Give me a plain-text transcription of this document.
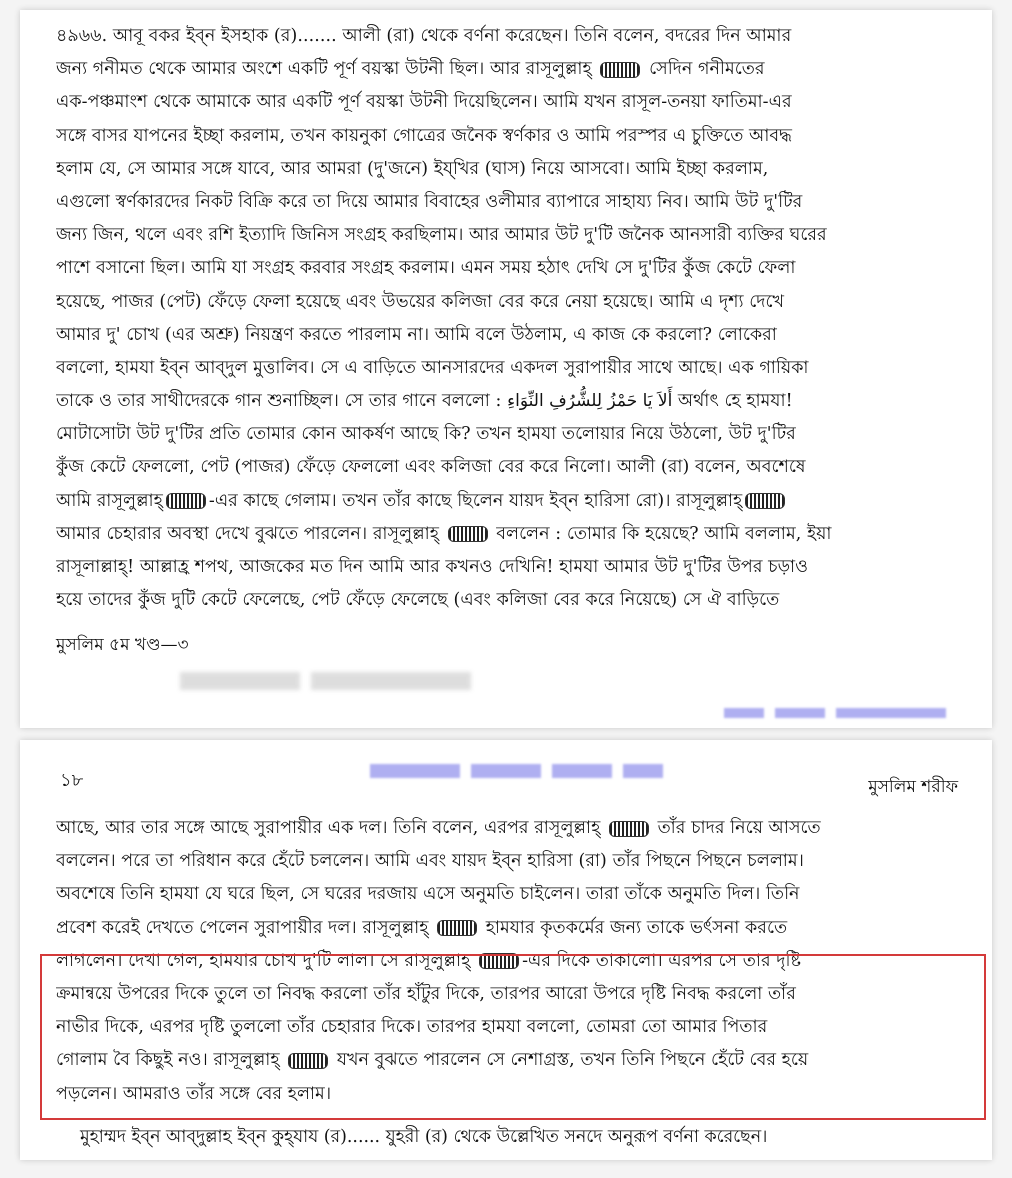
৪৯৬৬. আবূ বকর ইব্‌ন ইসহাক (র)....... আলী (রা) থেকে বর্ণনা করেছেন। তিনি বলেন, বদরের দিন আমার
জন্য গনীমত থেকে আমার অংশে একটি পূর্ণ বয়স্কা উটনী ছিল। আর রাসূলুল্লাহ্	সেদিন গনীমতের
এক-পঞ্চমাংশ থেকে আমাকে আর একটি পূর্ণ বয়স্কা উটনী দিয়েছিলেন। আমি যখন রাসূল-তনয়া ফাতিমা-এর
সঙ্গে বাসর যাপনের ইচ্ছা করলাম, তখন কায়নুকা গোত্রের জনৈক স্বর্ণকার ও আমি পরস্পর এ চুক্তিতে আবদ্ধ
হলাম যে, সে আমার সঙ্গে যাবে, আর আমরা (দু'জনে) ইয্‌খির (ঘাস) নিয়ে আসবো। আমি ইচ্ছা করলাম,
এগুলো স্বর্ণকারদের নিকট বিক্রি করে তা দিয়ে আমার বিবাহের ওলীমার ব্যাপারে সাহায্য নিব। আমি উট দু'টির
জন্য জিন, থলে এবং রশি ইত্যাদি জিনিস সংগ্রহ করছিলাম। আর আমার উট দু'টি জনৈক আনসারী ব্যক্তির ঘরের
পাশে বসানো ছিল। আমি যা সংগ্রহ করবার সংগ্রহ করলাম। এমন সময় হঠাৎ দেখি সে দু'টির কুঁজ কেটে ফেলা
হয়েছে, পাজর (পেট) ফেঁড়ে ফেলা হয়েছে এবং উভয়ের কলিজা বের করে নেয়া হয়েছে। আমি এ দৃশ্য দেখে
আমার দু' চোখ (এর অশ্রু) নিয়ন্ত্রণ করতে পারলাম না। আমি বলে উঠলাম, এ কাজ কে করলো? লোকেরা
বললো, হামযা ইব্‌ন আব্‌দুল মুত্তালিব। সে এ বাড়িতে আনসারদের একদল সুরাপায়ীর সাথে আছে। এক গায়িকা
তাকে ও তার সাথীদেরকে গান শুনাচ্ছিল। সে তার গানে বললো : أَلاَ يَا حَمْزُ لِلشُّرُفِ النِّوَاءِ অর্থাৎ হে হামযা!
মোটাসোটা উট দু'টির প্রতি তোমার কোন আকর্ষণ আছে কি? তখন হামযা তলোয়ার নিয়ে উঠলো, উট দু'টির
কুঁজ কেটে ফেললো, পেট (পাজর) ফেঁড়ে ফেললো এবং কলিজা বের করে নিলো। আলী (রা) বলেন, অবশেষে
আমি রাসূলুল্লাহ্	-এর কাছে গেলাম। তখন তাঁর কাছে ছিলেন যায়দ ইব্‌ন হারিসা রো)। রাসূলুল্লাহ্
আমার চেহারার অবস্থা দেখে বুঝতে পারলেন। রাসূলুল্লাহ্	বললেন : তোমার কি হয়েছে? আমি বললাম, ইয়া
রাসূলাল্লাহ্! আল্লাহ্র শপথ, আজকের মত দিন আমি আর কখনও দেখিনি! হামযা আমার উট দু'টির উপর চড়াও
হয়ে তাদের কুঁজ দুটি কেটে ফেলেছে, পেট ফেঁড়ে ফেলেছে (এবং কলিজা বের করে নিয়েছে) সে ঐ বাড়িতে
মুসলিম ৫ম খণ্ড—৩

১৮
	মুসলিম শরীফ
আছে, আর তার সঙ্গে আছে সুরাপায়ীর এক দল। তিনি বলেন, এরপর রাসূলুল্লাহ্	তাঁর চাদর নিয়ে আসতে
বললেন। পরে তা পরিধান করে হেঁটে চললেন। আমি এবং যায়দ ইব্‌ন হারিসা (রা) তাঁর পিছনে পিছনে চললাম।
অবশেষে তিনি হামযা যে ঘরে ছিল, সে ঘরের দরজায় এসে অনুমতি চাইলেন। তারা তাঁকে অনুমতি দিল। তিনি
প্রবেশ করেই দেখতে পেলেন সুরাপায়ীর দল। রাসূলুল্লাহ্	হামযার কৃতকর্মের জন্য তাকে ভর্ৎসনা করতে
লাগলেন। দেখা গেল, হামযার চোখ দু'টি লাল। সে রাসূলুল্লাহ্	-এর দিকে তাকালো। এরপর সে তার দৃষ্টি
ক্রমান্বয়ে উপরের দিকে তুলে তা নিবদ্ধ করলো তাঁর হাঁটুর দিকে, তারপর আরো উপরে দৃষ্টি নিবদ্ধ করলো তাঁর
নাভীর দিকে, এরপর দৃষ্টি তুললো তাঁর চেহারার দিকে। তারপর হামযা বললো, তোমরা তো আমার পিতার
গোলাম বৈ কিছুই নও। রাসূলুল্লাহ্	যখন বুঝতে পারলেন সে নেশাগ্রস্ত, তখন তিনি পিছনে হেঁটে বের হয়ে
পড়লেন। আমরাও তাঁর সঙ্গে বের হলাম।
মুহাম্মদ ইব্‌ন আব্‌দুল্লাহ ইব্‌ন কুহ্‌যায (র)...... যুহরী (র) থেকে উল্লেখিত সনদে অনুরূপ বর্ণনা করেছেন।
